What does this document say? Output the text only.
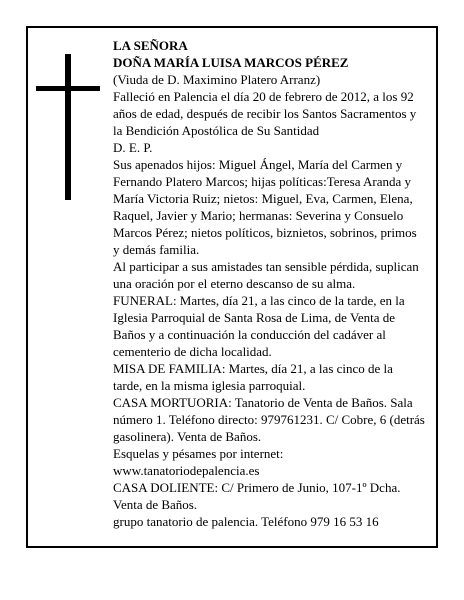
LA SEÑORA

DOÑA MARÍA LUISA MARCOS PÉREZ

(Viuda de D. Maximino Platero Arranz)

Falleció en Palencia el día 20 de febrero de 2012, a los 92 años de edad, después de recibir los Santos Sacramentos y la Bendición Apostólica de Su Santidad

D. E. P.

Sus apenados hijos: Miguel Ángel, María del Carmen y Fernando Platero Marcos; hijas políticas:Teresa Aranda y María Victoria Ruiz; nietos: Miguel, Eva, Carmen, Elena, Raquel, Javier y Mario; hermanas: Severina y Consuelo Marcos Pérez; nietos políticos, biznietos, sobrinos, primos y demás familia.

Al participar a sus amistades tan sensible pérdida, suplican una oración por el eterno descanso de su alma.

FUNERAL: Martes, día 21, a las cinco de la tarde, en la Iglesia Parroquial de Santa Rosa de Lima, de Venta de Baños y a continuación la conducción del cadáver al cementerio de dicha localidad.

MISA DE FAMILIA: Martes, día 21, a las cinco de la tarde, en la misma iglesia parroquial.

CASA MORTUORIA: Tanatorio de Venta de Baños. Sala número 1. Teléfono directo: 979761231. C/ Cobre, 6 (detrás gasolinera). Venta de Baños.

Esquelas y pésames por internet:

www.tanatoriodepalencia.es

CASA DOLIENTE: C/ Primero de Junio, 107-1º Dcha. Venta de Baños.

grupo tanatorio de palencia. Teléfono 979 16 53 16
